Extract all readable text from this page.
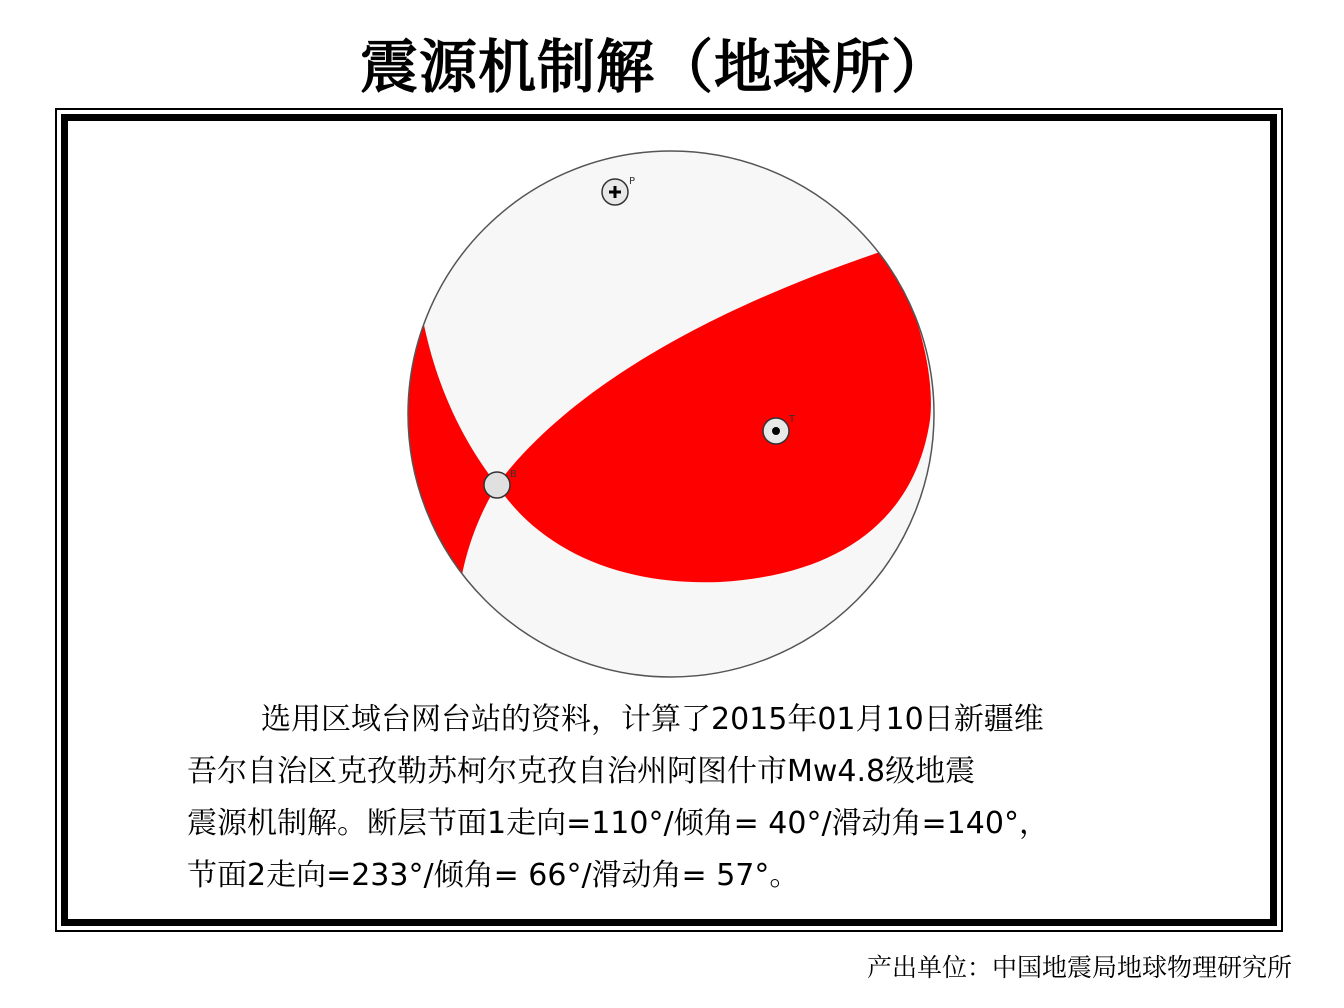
震源机制解（地球所）
P
T
B
选用区域台网台站的资料，计算了2015年01月10日新疆维
吾尔自治区克孜勒苏柯尔克孜自治州阿图什市Mw4.8级地震
震源机制解。断层节面1走向=110°/倾角= 40°/滑动角=140°，
节面2走向=233°/倾角= 66°/滑动角= 57°。
产出单位：中国地震局地球物理研究所
